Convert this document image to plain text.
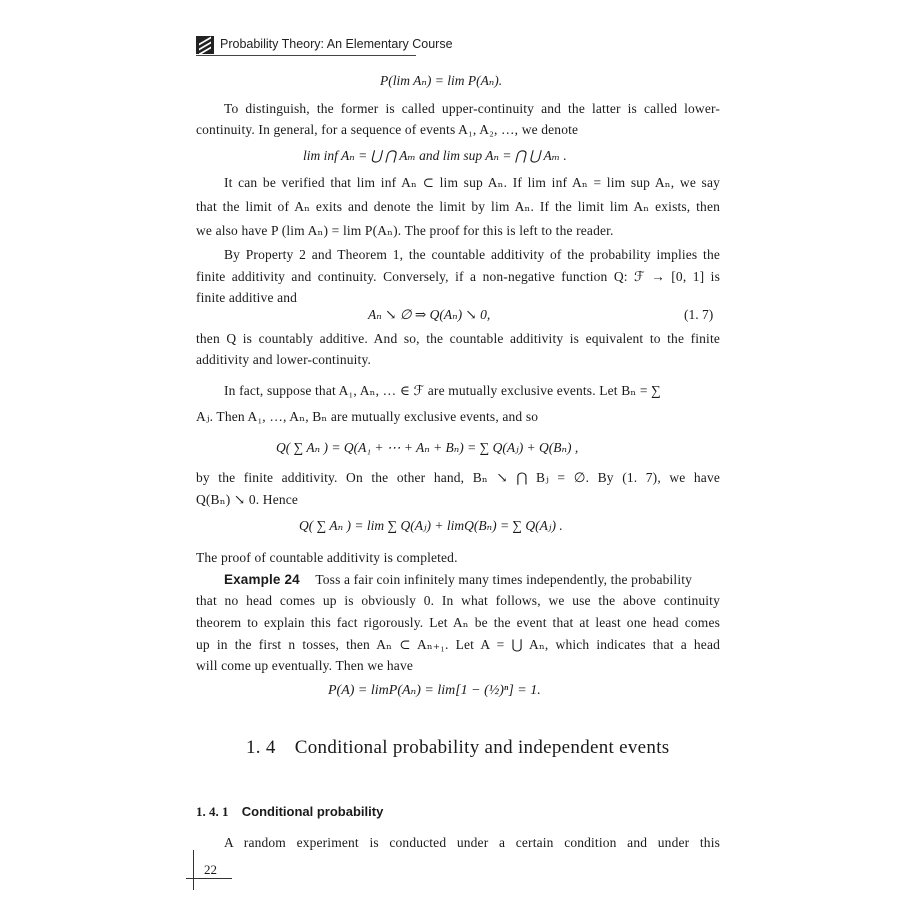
Probability Theory: An Elementary Course
P(lim Aₙ) = lim P(Aₙ).
To distinguish, the former is called upper-continuity and the latter is called lower-
continuity. In general, for a sequence of events A₁, A₂, …, we denote
lim inf Aₙ = ⋃ ⋂ Aₘ and lim sup Aₙ = ⋂ ⋃ Aₘ .
It can be verified that lim inf Aₙ ⊂ lim sup Aₙ. If lim inf Aₙ = lim sup Aₙ, we say
that the limit of Aₙ exits and denote the limit by lim Aₙ. If the limit lim Aₙ exists, then
we also have P (lim Aₙ) = lim P(Aₙ). The proof for this is left to the reader.
By Property 2 and Theorem 1, the countable additivity of the probability implies the
finite additivity and continuity. Conversely, if a non-negative function Q: ℱ → [0, 1] is
finite additive and
Aₙ ↘ ∅ ⇒ Q(Aₙ) ↘ 0,	(1. 7)
then Q is countably additive. And so, the countable additivity is equivalent to the finite
additivity and lower-continuity.
In fact, suppose that A₁, Aₙ, … ∈ ℱ are mutually exclusive events. Let Bₙ = ∑
Aⱼ. Then A₁, …, Aₙ, Bₙ are mutually exclusive events, and so
Q( ∑ Aₙ ) = Q(A₁ + ⋯ + Aₙ + Bₙ) = ∑ Q(Aⱼ) + Q(Bₙ) ,
by the finite additivity. On the other hand, Bₙ ↘ ⋂ Bⱼ = ∅. By (1. 7), we have
Q(Bₙ) ↘ 0. Hence
Q( ∑ Aₙ ) = lim ∑ Q(Aⱼ) + limQ(Bₙ) = ∑ Q(Aⱼ) .
The proof of countable additivity is completed.
Example 24 Toss a fair coin infinitely many times independently, the probability
that no head comes up is obviously 0. In what follows, we use the above continuity
theorem to explain this fact rigorously. Let Aₙ be the event that at least one head comes
up in the first n tosses, then Aₙ ⊂ Aₙ₊₁. Let A = ⋃ Aₙ, which indicates that a head
will come up eventually. Then we have
P(A) = limP(Aₙ) = lim[1 − (½)ⁿ] = 1.
1. 4 Conditional probability and independent events
1. 4. 1 Conditional probability
A random experiment is conducted under a certain condition and under this
22
